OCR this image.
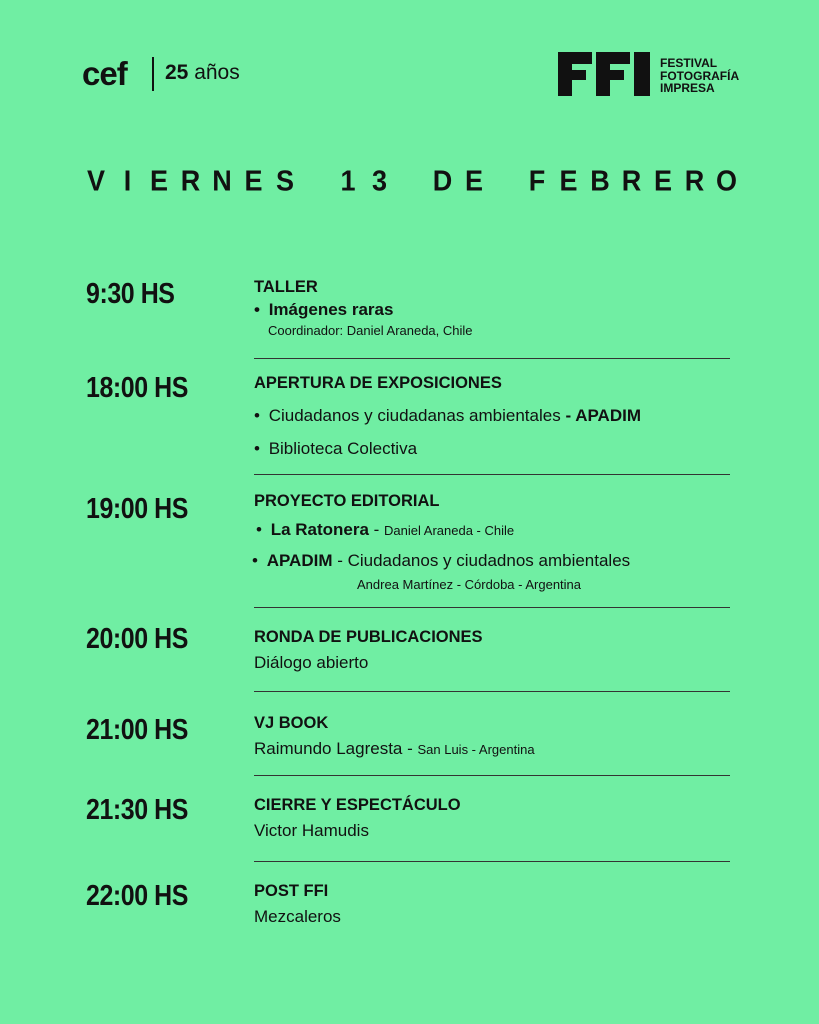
cef 25 años	FESTIVAL
FOTOGRAFÍA
IMPRESA
V I E R N E S 1 3 D E F E B R E R O
9:30 HS	TALLER
• Imágenes raras
Coordinador: Daniel Araneda, Chile
18:00 HS	APERTURA DE EXPOSICIONES
• Ciudadanos y ciudadanas ambientales - APADIM
• Biblioteca Colectiva
19:00 HS	PROYECTO EDITORIAL
• La Ratonera - Daniel Araneda - Chile
• APADIM - Ciudadanos y ciudadnos ambientales
Andrea Martínez - Córdoba - Argentina
20:00 HS	RONDA DE PUBLICACIONES
Diálogo abierto
21:00 HS	VJ BOOK
Raimundo Lagresta - San Luis - Argentina
21:30 HS	CIERRE Y ESPECTÁCULO
Victor Hamudis
22:00 HS	POST FFI
Mezcaleros
